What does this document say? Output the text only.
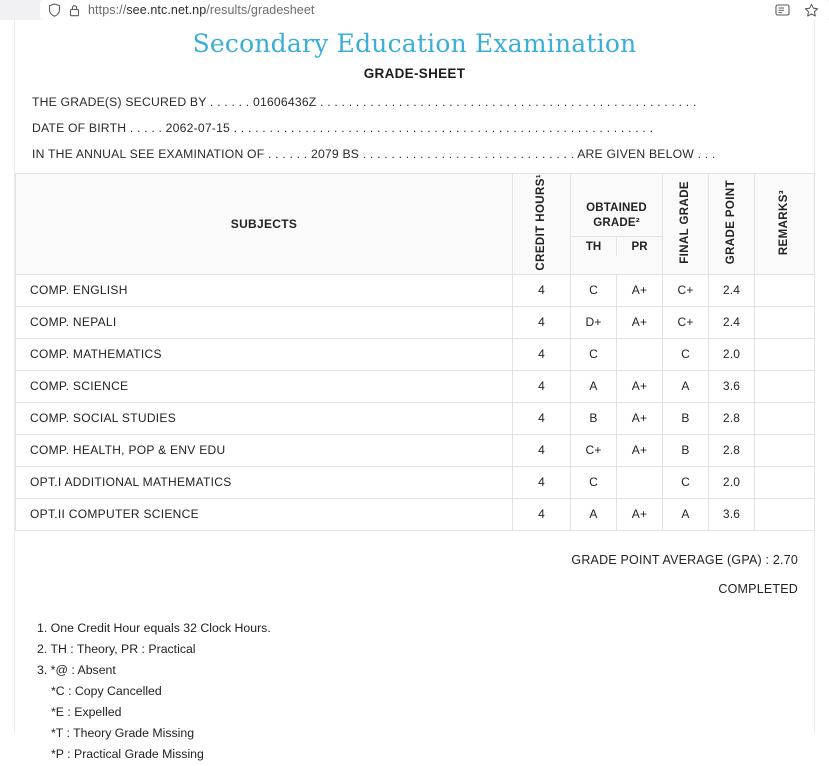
https://see.ntc.net.np/results/gradesheet
Secondary Education Examination
GRADE-SHEET
THE GRADE(S) SECURED BY . . . . . . 01606436Z . . . . . . . . . . . . . . . . . . . . . . . . . . . . . . . . . . . . . . . . . . . . . . . . . . . . .
DATE OF BIRTH . . . . . 2062-07-15 . . . . . . . . . . . . . . . . . . . . . . . . . . . . . . . . . . . . . . . . . . . . . . . . . . . . . . . . . . .
IN THE ANNUAL SEE EXAMINATION OF . . . . . . 2079 BS . . . . . . . . . . . . . . . . . . . . . . . . . . . . . . ARE GIVEN BELOW . . .
SUBJECTS	CREDIT HOURS¹	OBTAINED GRADE²
TH PR		FINAL GRADE	GRADE POINT	REMARKS³
COMP. ENGLISH	4	C	A+	C+	2.4	
COMP. NEPALI	4	D+	A+	C+	2.4	
COMP. MATHEMATICS	4	C		C	2.0	
COMP. SCIENCE	4	A	A+	A	3.6	
COMP. SOCIAL STUDIES	4	B	A+	B	2.8	
COMP. HEALTH, POP & ENV EDU	4	C+	A+	B	2.8	
OPT.I ADDITIONAL MATHEMATICS	4	C		C	2.0	
OPT.II COMPUTER SCIENCE	4	A	A+	A	3.6	
GRADE POINT AVERAGE (GPA) : 2.70
COMPLETED
1. One Credit Hour equals 32 Clock Hours.
2. TH : Theory, PR : Practical
3. *@ : Absent
*C : Copy Cancelled
*E : Expelled
*T : Theory Grade Missing
*P : Practical Grade Missing
